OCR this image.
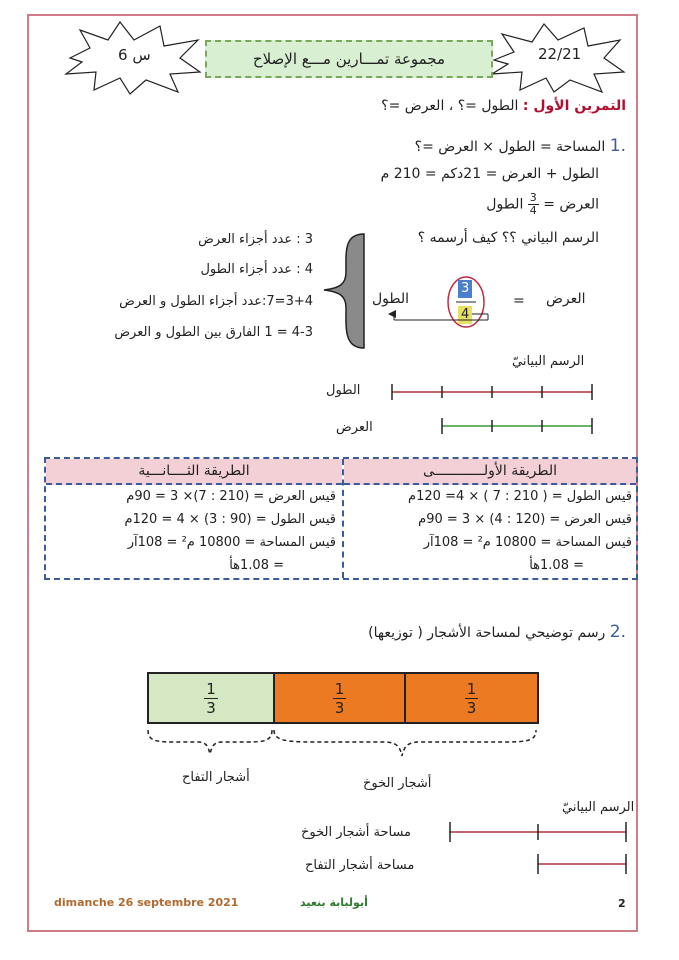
س 6	22/21
مجموعة تمـــارين مـــع الإصلاح
التمرين الأول : الطول =؟ ، العرض =؟
.1 المساحة = الطول × العرض =؟
الطول + العرض = 21دكم = 210 م
العرض =
$\frac{3}{4}$
الطول
الرسم البياني ؟؟ كيف أرسمه ؟
3 : عدد أجزاء العرض
4 : عدد أجزاء الطول
3+4=7:عدد أجزاء الطول و العرض
4-3 = 1 الفارق بين الطول و العرض
العرض
=
3
4
الطول
الرسم البيانيّ
الطول
العرض
الطريقة الأولــــــــــــى
الطريقة الثــــانـــية
قيس الطول = ( 210 : 7 ) × 4= 120م
قيس العرض = (120 : 4) × 3 = 90م
قيس المساحة = 10800 م² = 108آر
= 1.08هأ
قيس العرض = (210 : 7)× 3 = 90م
قيس الطول = (90 : 3) × 4 = 120م
قيس المساحة = 10800 م² = 108آر
= 1.08هأ
.2 رسم توضيحي لمساحة الأشجار ( توزيعها)
$\frac{1}{3}$	$\frac{1}{3}$	$\frac{1}{3}$
أشجار التفاح	أشجار الخوخ
الرسم البيانيّ
مساحة أشجار الخوخ
مساحة أشجار التفاح
dimanche 26 septembre 2021	أبولبابة بنعيد	2
